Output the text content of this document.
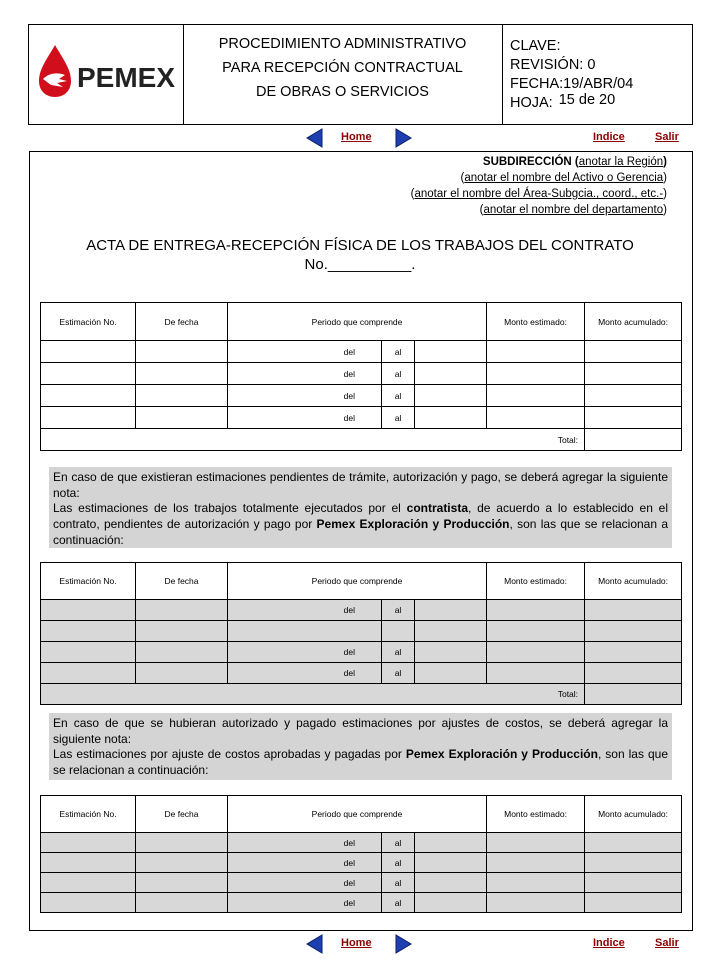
PEMEX
PROCEDIMIENTO ADMINISTRATIVO
PARA RECEPCIÓN CONTRACTUAL
DE OBRAS O SERVICIOS
CLAVE:
REVISIÓN: 0
FECHA:19/ABR/04
HOJA: 15 de 20
Home	Indice	Salir
SUBDIRECCIÓN (anotar la Región)
(anotar el nombre del Activo o Gerencia)
(anotar el nombre del Área-Subgcia., coord., etc.-)
(anotar el nombre del departamento)
ACTA DE ENTREGA-RECEPCIÓN FÍSICA DE LOS TRABAJOS DEL CONTRATO
No.__________.
Estimación No.	De fecha	Periodo que comprende			Monto estimado:	Monto acumulado:
		del	al			
		del	al			
		del	al			
		del	al			
Total:						
En caso de que existieran estimaciones pendientes de trámite, autorización y pago, se deberá agregar la siguiente nota:
Las estimaciones de los trabajos totalmente ejecutados por el contratista, de acuerdo a lo establecido en el contrato, pendientes de autorización y pago por Pemex Exploración y Producción, son las que se relacionan a continuación:
Estimación No.	De fecha	Periodo que comprende			Monto estimado:	Monto acumulado:
		del	al			

		del	al			
		del	al			
Total:						
En caso de que se hubieran autorizado y pagado estimaciones por ajustes de costos, se deberá agregar la siguiente nota:
Las estimaciones por ajuste de costos aprobadas y pagadas por Pemex Exploración y Producción, son las que se relacionan a continuación:
Estimación No.	De fecha	Periodo que comprende			Monto estimado:	Monto acumulado:
		del	al			
		del	al			
		del	al			
		del	al			
Home	Indice	Salir
